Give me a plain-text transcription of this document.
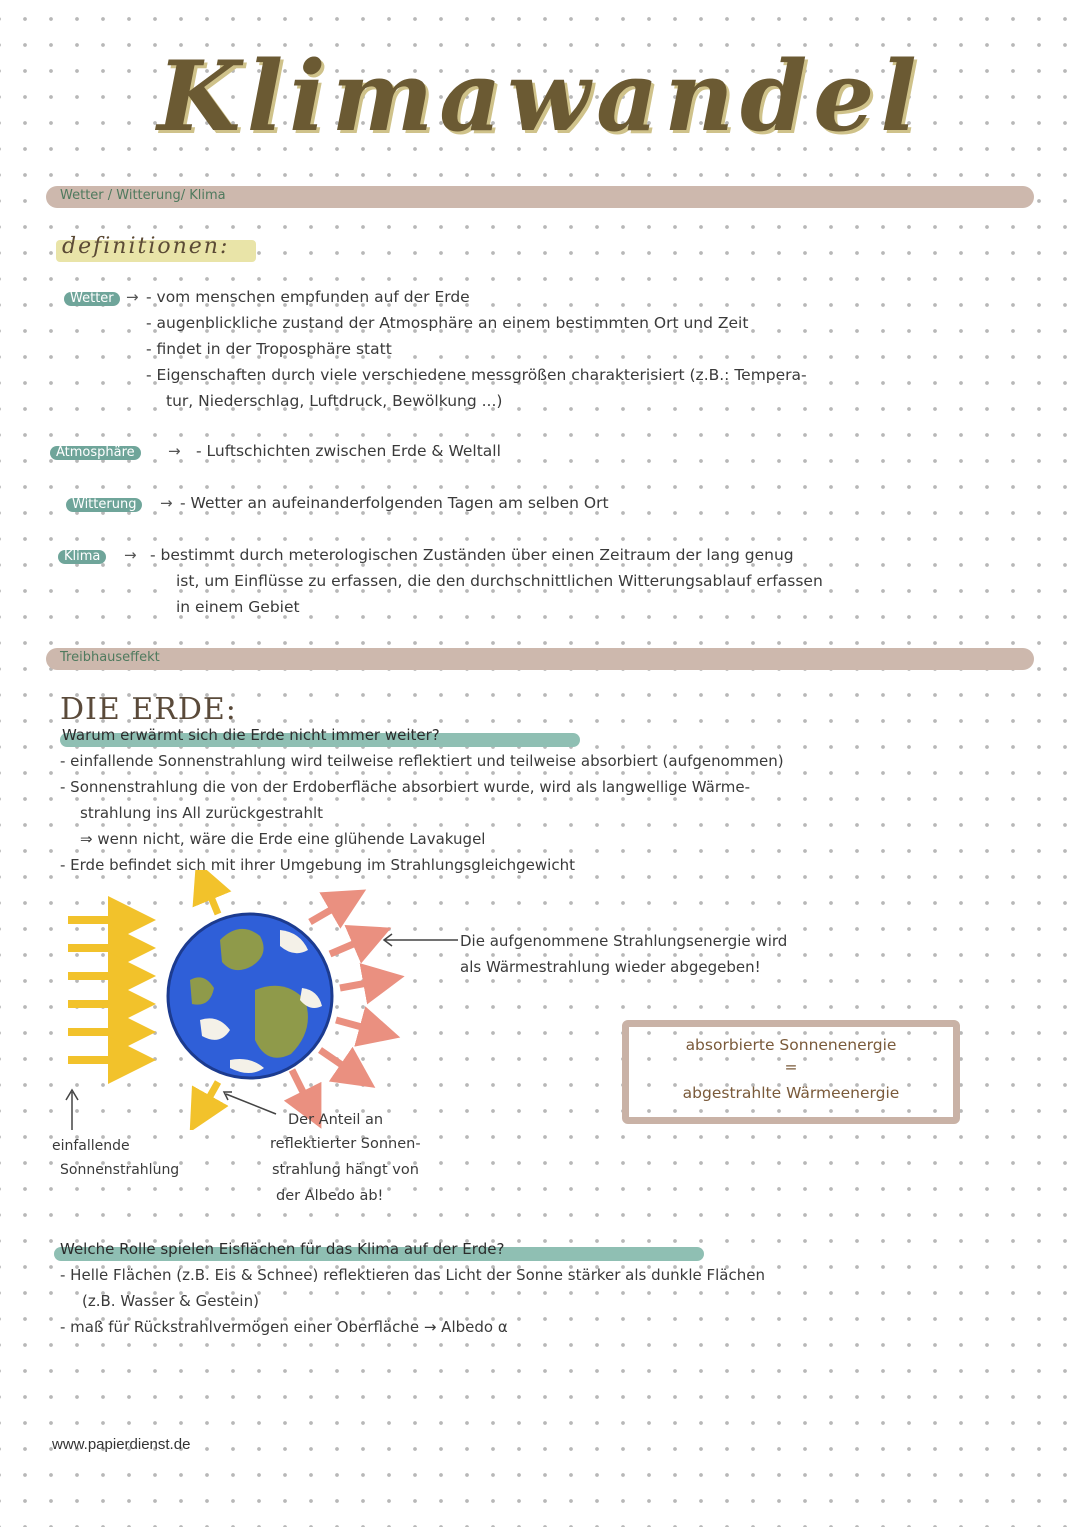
Klimawandel
Wetter / Witterung/ Klima
definitionen:
Wetter → - vom menschen empfunden auf der Erde
- augenblickliche zustand der Atmosphäre an einem bestimmten Ort und Zeit
- findet in der Troposphäre statt
- Eigenschaften durch viele verschiedene messgrößen charakterisiert (z.B.: Tempera-
tur, Niederschlag, Luftdruck, Bewölkung ...)
Atmosphäre	→ - Luftschichten zwischen Erde & Weltall
Witterung	→ - Wetter an aufeinanderfolgenden Tagen am selben Ort
Klima	→ - bestimmt durch meterologischen Zuständen über einen Zeitraum der lang genug
ist, um Einflüsse zu erfassen, die den durchschnittlichen Witterungsablauf erfassen
in einem Gebiet
Treibhauseffekt
DIE ERDE:
Warum erwärmt sich die Erde nicht immer weiter?
- einfallende Sonnenstrahlung wird teilweise reflektiert und teilweise absorbiert (aufgenommen)
- Sonnenstrahlung die von der Erdoberfläche absorbiert wurde, wird als langwellige Wärme-
strahlung ins All zurückgestrahlt
⇒ wenn nicht, wäre die Erde eine glühende Lavakugel
- Erde befindet sich mit ihrer Umgebung im Strahlungsgleichgewicht
Die aufgenommene Strahlungsenergie wird
als Wärmestrahlung wieder abgegeben!
absorbierte Sonnenenergie
=
abgestrahlte Wärmeenergie
einfallende
Sonnenstrahlung
Der Anteil an
reflektierter Sonnen-
strahlung hängt von
der Albedo ab!
Welche Rolle spielen Eisflächen für das Klima auf der Erde?
- Helle Flächen (z.B. Eis & Schnee) reflektieren das Licht der Sonne stärker als dunkle Flächen
(z.B. Wasser & Gestein)
- maß für Rückstrahlvermögen einer Oberfläche → Albedo α
www.papierdienst.de
